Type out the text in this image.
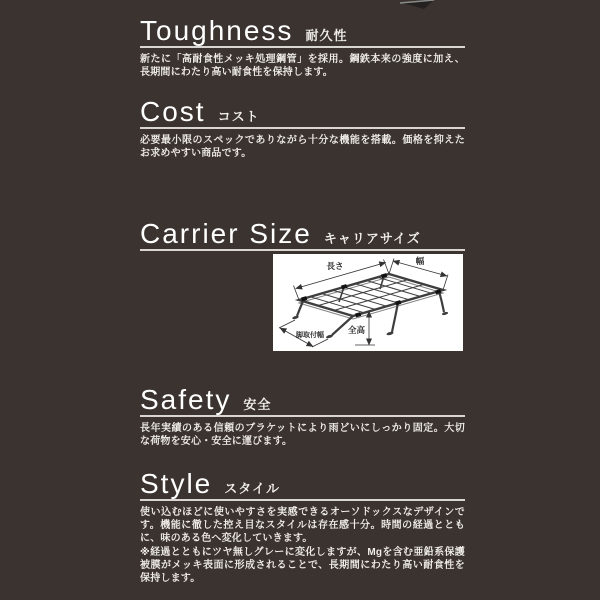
Toughness 耐久性

新たに「高耐食性メッキ処理鋼管」を採用。鋼鉄本来の強度に加え、長期間にわたり高い耐食性を保持します。

Cost コスト

必要最小限のスペックでありながら十分な機能を搭載。価格を抑えたお求めやすい商品です。

Carrier Size キャリアサイズ
長さ	幅
全高
脚取付幅
Safety 安全

長年実績のある信頼のブラケットにより雨どいにしっかり固定。大切な荷物を安心・安全に運びます。

Style スタイル

使い込むほどに使いやすさを実感できるオーソドックスなデザインです。機能に徹した控え目なスタイルは存在感十分。時間の経過とともに、味のある色へ変化していきます。

※経過とともにツヤ無しグレーに変化しますが、Mgを含む亜鉛系保護被膜がメッキ表面に形成されることで、長期間にわたり高い耐食性を保持します。
